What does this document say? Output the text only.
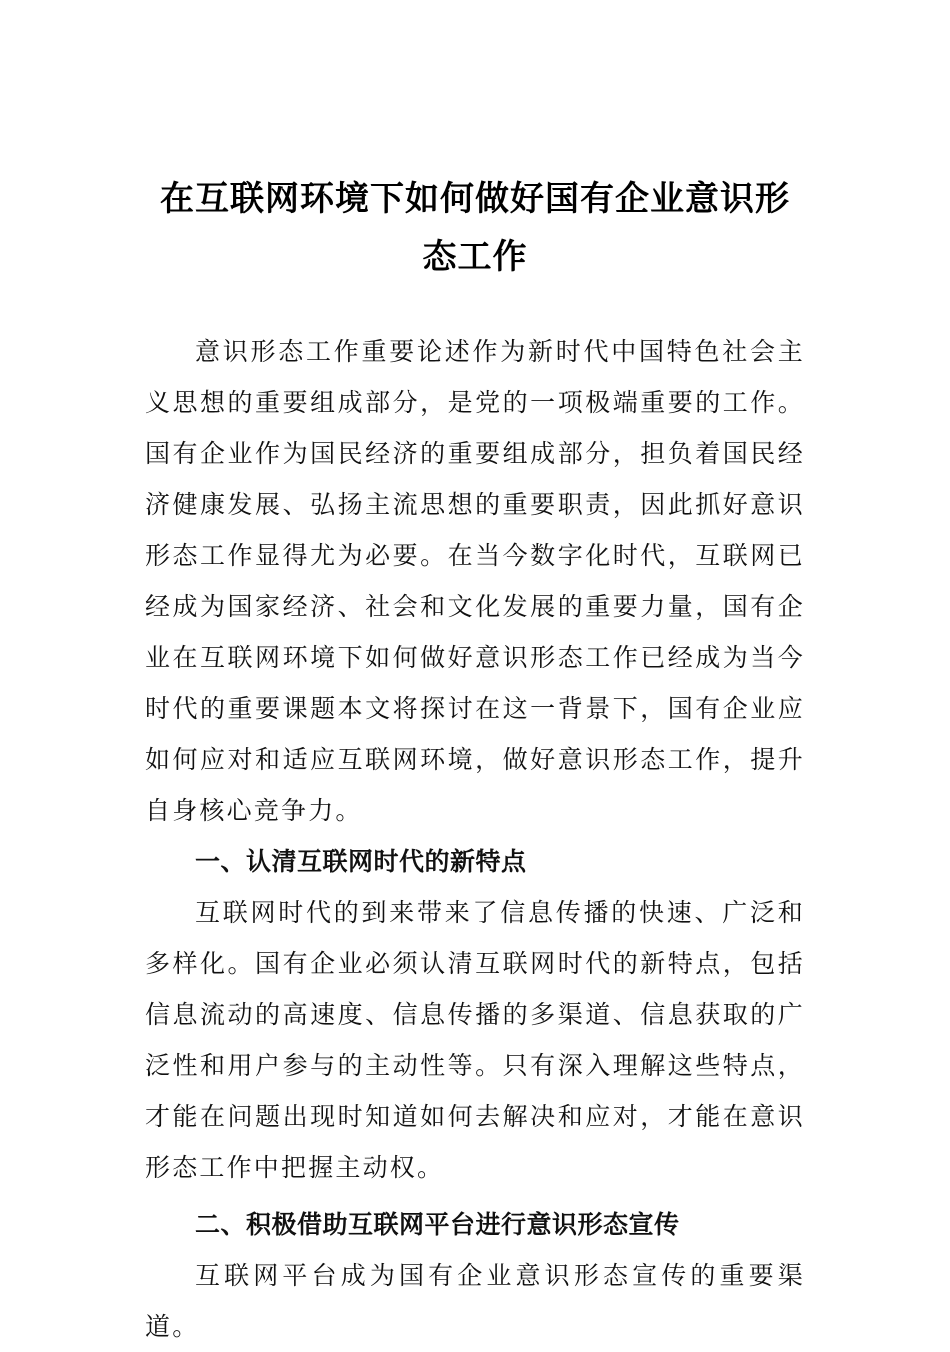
在互联网环境下如何做好国有企业意识形
态工作

意识形态工作重要论述作为新时代中国特色社会主义思想的重要组成部分，是党的一项极端重要的工作。国有企业作为国民经济的重要组成部分，担负着国民经济健康发展、弘扬主流思想的重要职责，因此抓好意识形态工作显得尤为必要。在当今数字化时代，互联网已经成为国家经济、社会和文化发展的重要力量，国有企业在互联网环境下如何做好意识形态工作已经成为当今时代的重要课题本文将探讨在这一背景下，国有企业应如何应对和适应互联网环境，做好意识形态工作，提升自身核心竞争力。

一、认清互联网时代的新特点

互联网时代的到来带来了信息传播的快速、广泛和多样化。国有企业必须认清互联网时代的新特点，包括信息流动的高速度、信息传播的多渠道、信息获取的广泛性和用户参与的主动性等。只有深入理解这些特点，才能在问题出现时知道如何去解决和应对，才能在意识形态工作中把握主动权。

二、积极借助互联网平台进行意识形态宣传

互联网平台成为国有企业意识形态宣传的重要渠道。
